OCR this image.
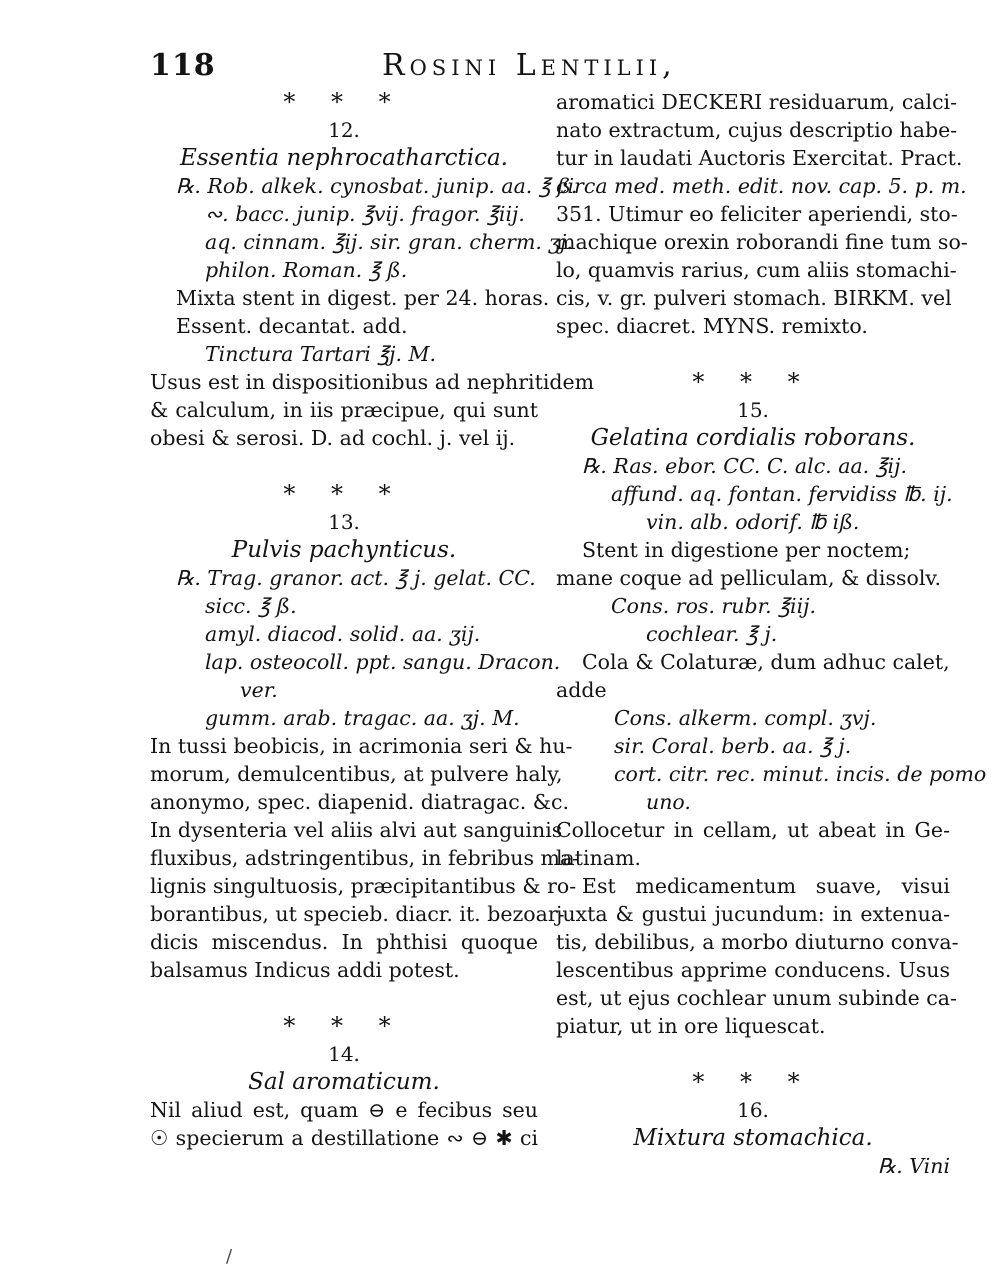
118	Rosini Lentilii,
* * *
12.
Essentia nephrocatharctica.
℞. Rob. alkek. cynosbat. junip. aa. ℥ ß.
∾. bacc. junip. ℥vij. fragor. ℥iij.
aq. cinnam. ℥ij. sir. gran. cherm. ʒj.
philon. Roman. ℥ ß.
Mixta stent in digest. per 24. horas.
Essent. decantat. add.
Tinctura Tartari ℥j. M.
Usus est in dispositionibus ad nephritidem
& calculum, in iis præcipue, qui sunt
obesi & serosi. D. ad cochl. j. vel ij.
* * *
13.
Pulvis pachynticus.
℞. Trag. granor. act. ℥ j. gelat. CC.
sicc. ℥ ß.
amyl. diacod. solid. aa. ʒij.
lap. osteocoll. ppt. sangu. Dracon.
ver.
gumm. arab. tragac. aa. ʒj. M.
In tussi beobicis, in acrimonia seri & hu-
morum, demulcentibus, at pulvere haly,
anonymo, spec. diapenid. diatragac. &c.
In dysenteria vel aliis alvi aut sanguinis
fluxibus, adstringentibus, in febribus ma-
lignis singultuosis, præcipitantibus & ro-
borantibus, ut specieb. diacr. it. bezoar-
dicis miscendus. In phthisi quoque
balsamus Indicus addi potest.
* * *
14.
Sal aromaticum.
Nil aliud est, quam ⊖ e fecibus seu
☉ specierum a destillatione ∾ ⊖ ✱ ci
aromatici DECKERI residuarum, calci-
nato extractum, cujus descriptio habe-
tur in laudati Auctoris Exercitat. Pract.
circa med. meth. edit. nov. cap. 5. p. m.
351. Utimur eo feliciter aperiendi, sto-
machique orexin roborandi fine tum so-
lo, quamvis rarius, cum aliis stomachi-
cis, v. gr. pulveri stomach. BIRKM. vel
spec. diacret. MYNS. remixto.
* * *
15.
Gelatina cordialis roborans.
℞. Ras. ebor. CC. C. alc. aa. ℥ij.
affund. aq. fontan. fervidiss ℔. ij.
vin. alb. odorif. ℔ iß.
Stent in digestione per noctem;
mane coque ad pelliculam, & dissolv.
Cons. ros. rubr. ℥iij.
cochlear. ℥ j.
Cola & Colaturæ, dum adhuc calet,
adde
Cons. alkerm. compl. ʒvj.
sir. Coral. berb. aa. ℥ j.
cort. citr. rec. minut. incis. de pomo
uno.
Collocetur in cellam, ut abeat in Ge-
latinam.
Est medicamentum suave, visui
juxta & gustui jucundum: in extenua-
tis, debilibus, a morbo diuturno conva-
lescentibus apprime conducens. Usus
est, ut ejus cochlear unum subinde ca-
piatur, ut in ore liquescat.
* * *
16.
Mixtura stomachica.
℞. Vini
/
